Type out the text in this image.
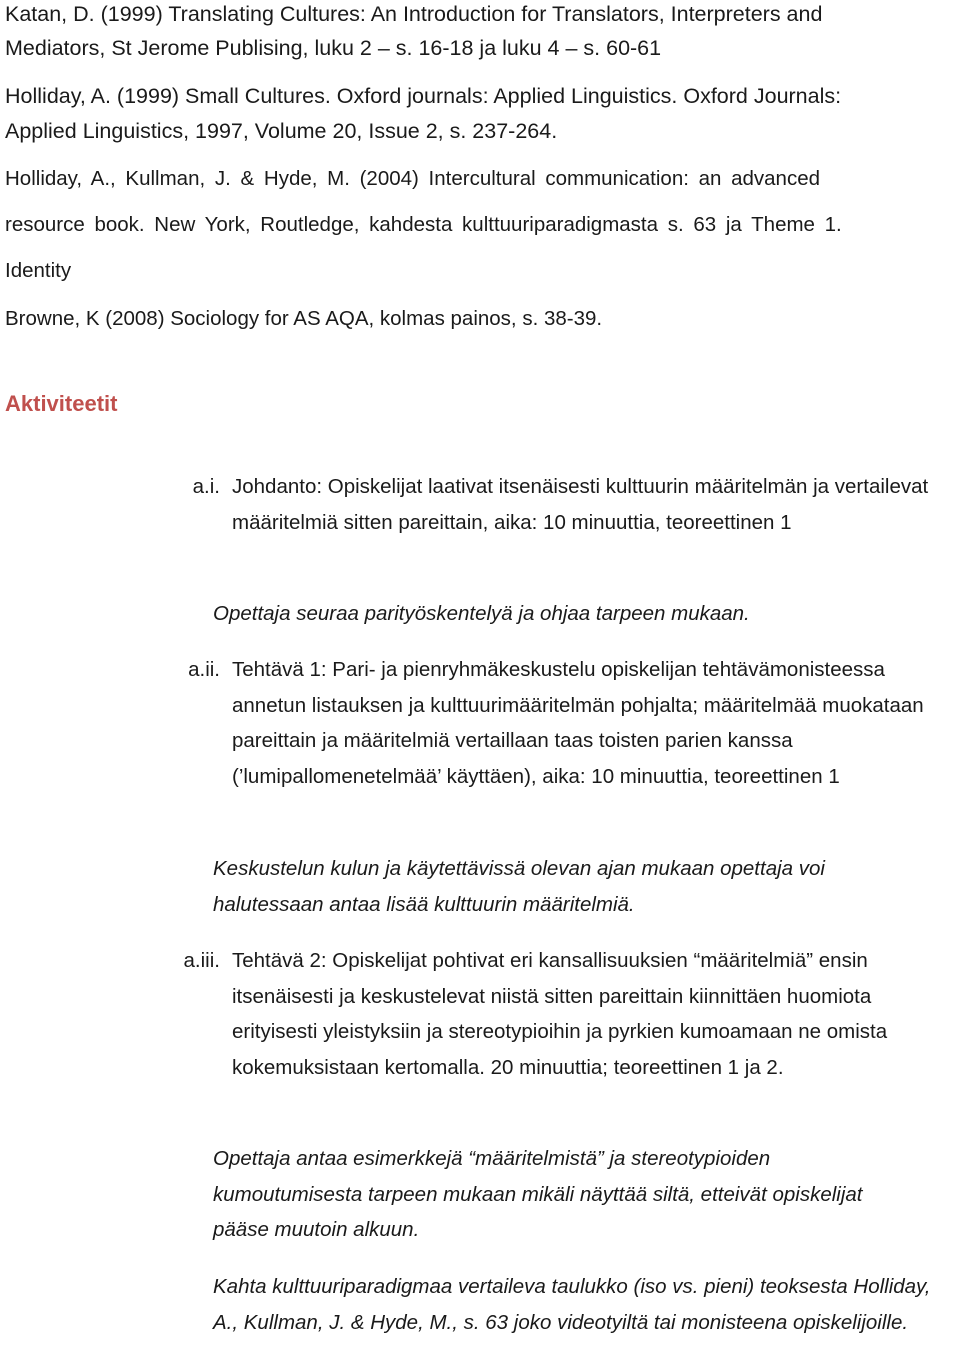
Katan, D. (1999) Translating Cultures: An Introduction for Translators, Interpreters and
Mediators, St Jerome Publising, luku 2 – s. 16-18 ja luku 4 – s. 60-61
Holliday, A. (1999) Small Cultures. Oxford journals: Applied Linguistics. Oxford Journals:
Applied Linguistics, 1997, Volume 20, Issue 2, s. 237-264.
Holliday, A., Kullman, J. & Hyde, M. (2004) Intercultural communication: an advanced
resource book. New York, Routledge, kahdesta kulttuuriparadigmasta s. 63 ja Theme 1.
Identity
Browne, K (2008) Sociology for AS AQA, kolmas painos, s. 38-39.
Aktiviteetit
a.i. Johdanto: Opiskelijat laativat itsenäisesti kulttuurin määritelmän ja vertailevat määritelmiä sitten pareittain, aika: 10 minuuttia, teoreettinen 1
Opettaja seuraa parityöskentelyä ja ohjaa tarpeen mukaan.
a.ii. Tehtävä 1: Pari- ja pienryhmäkeskustelu opiskelijan tehtävämonisteessa annetun listauksen ja kulttuurimääritelmän pohjalta; määritelmää muokataan pareittain ja määritelmiä vertaillaan taas toisten parien kanssa (’lumipallomenetelmää’ käyttäen), aika: 10 minuuttia, teoreettinen 1
Keskustelun kulun ja käytettävissä olevan ajan mukaan opettaja voi halutessaan antaa lisää kulttuurin määritelmiä.
a.iii. Tehtävä 2: Opiskelijat pohtivat eri kansallisuuksien “määritelmiä” ensin itsenäisesti ja keskustelevat niistä sitten pareittain kiinnittäen huomiota erityisesti yleistyksiin ja stereotypioihin ja pyrkien kumoamaan ne omista kokemuksistaan kertomalla. 20 minuuttia; teoreettinen 1 ja 2.
Opettaja antaa esimerkkejä “määritelmistä” ja stereotypioiden kumoutumisesta tarpeen mukaan mikäli näyttää siltä, etteivät opiskelijat pääse muutoin alkuun.
Kahta kulttuuriparadigmaa vertaileva taulukko (iso vs. pieni) teoksesta Holliday, A., Kullman, J. & Hyde, M., s. 63 joko videotyiltä tai monisteena opiskelijoille.
